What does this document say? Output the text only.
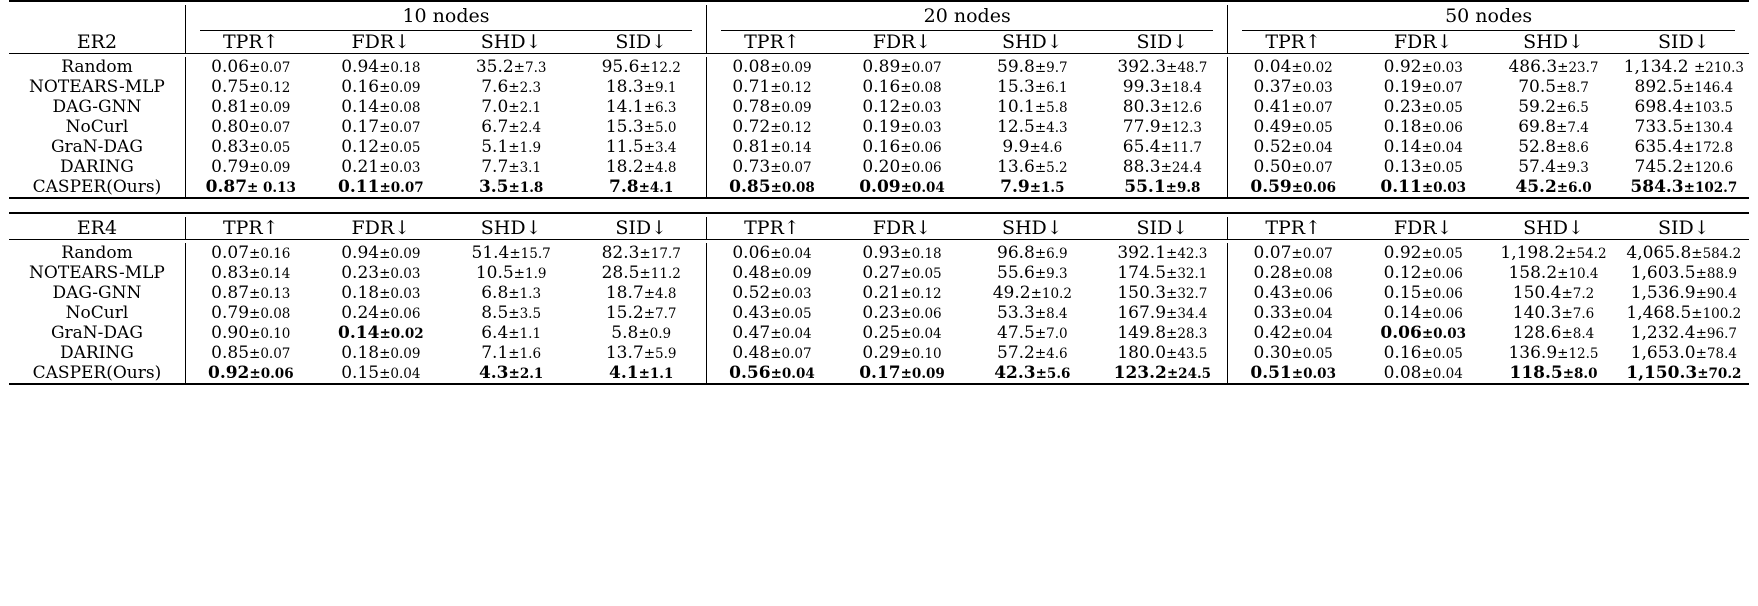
	10 nodes				20 nodes				50 nodes			

ER2	TPR↑	FDR↓	SHD↓	SID↓	TPR↑	FDR↓	SHD↓	SID↓	TPR↑	FDR↓	SHD↓	SID↓

Random	0.06±0.07	0.94±0.18	35.2±7.3	95.6±12.2	0.08±0.09	0.89±0.07	59.8±9.7	392.3±48.7	0.04±0.02	0.92±0.03	486.3±23.7	1,134.2 ±210.3
NOTEARS-MLP	0.75±0.12	0.16±0.09	7.6±2.3	18.3±9.1	0.71±0.12	0.16±0.08	15.3±6.1	99.3±18.4	0.37±0.03	0.19±0.07	70.5±8.7	892.5±146.4
DAG-GNN	0.81±0.09	0.14±0.08	7.0±2.1	14.1±6.3	0.78±0.09	0.12±0.03	10.1±5.8	80.3±12.6	0.41±0.07	0.23±0.05	59.2±6.5	698.4±103.5
NoCurl	0.80±0.07	0.17±0.07	6.7±2.4	15.3±5.0	0.72±0.12	0.19±0.03	12.5±4.3	77.9±12.3	0.49±0.05	0.18±0.06	69.8±7.4	733.5±130.4
GraN-DAG	0.83±0.05	0.12±0.05	5.1±1.9	11.5±3.4	0.81±0.14	0.16±0.06	9.9±4.6	65.4±11.7	0.52±0.04	0.14±0.04	52.8±8.6	635.4±172.8
DARING	0.79±0.09	0.21±0.03	7.7±3.1	18.2±4.8	0.73±0.07	0.20±0.06	13.6±5.2	88.3±24.4	0.50±0.07	0.13±0.05	57.4±9.3	745.2±120.6
CASPER(Ours)	0.87± 0.13	0.11±0.07	3.5±1.8	7.8±4.1	0.85±0.08	0.09±0.04	7.9±1.5	55.1±9.8	0.59±0.06	0.11±0.03	45.2±6.0	584.3±102.7

ER4	TPR↑	FDR↓	SHD↓	SID↓	TPR↑	FDR↓	SHD↓	SID↓	TPR↑	FDR↓	SHD↓	SID↓

Random	0.07±0.16	0.94±0.09	51.4±15.7	82.3±17.7	0.06±0.04	0.93±0.18	96.8±6.9	392.1±42.3	0.07±0.07	0.92±0.05	1,198.2±54.2	4,065.8±584.2
NOTEARS-MLP	0.83±0.14	0.23±0.03	10.5±1.9	28.5±11.2	0.48±0.09	0.27±0.05	55.6±9.3	174.5±32.1	0.28±0.08	0.12±0.06	158.2±10.4	1,603.5±88.9
DAG-GNN	0.87±0.13	0.18±0.03	6.8±1.3	18.7±4.8	0.52±0.03	0.21±0.12	49.2±10.2	150.3±32.7	0.43±0.06	0.15±0.06	150.4±7.2	1,536.9±90.4
NoCurl	0.79±0.08	0.24±0.06	8.5±3.5	15.2±7.7	0.43±0.05	0.23±0.06	53.3±8.4	167.9±34.4	0.33±0.04	0.14±0.06	140.3±7.6	1,468.5±100.2
GraN-DAG	0.90±0.10	0.14±0.02	6.4±1.1	5.8±0.9	0.47±0.04	0.25±0.04	47.5±7.0	149.8±28.3	0.42±0.04	0.06±0.03	128.6±8.4	1,232.4±96.7
DARING	0.85±0.07	0.18±0.09	7.1±1.6	13.7±5.9	0.48±0.07	0.29±0.10	57.2±4.6	180.0±43.5	0.30±0.05	0.16±0.05	136.9±12.5	1,653.0±78.4
CASPER(Ours)	0.92±0.06	0.15±0.04	4.3±2.1	4.1±1.1	0.56±0.04	0.17±0.09	42.3±5.6	123.2±24.5	0.51±0.03	0.08±0.04	118.5±8.0	1,150.3±70.2
